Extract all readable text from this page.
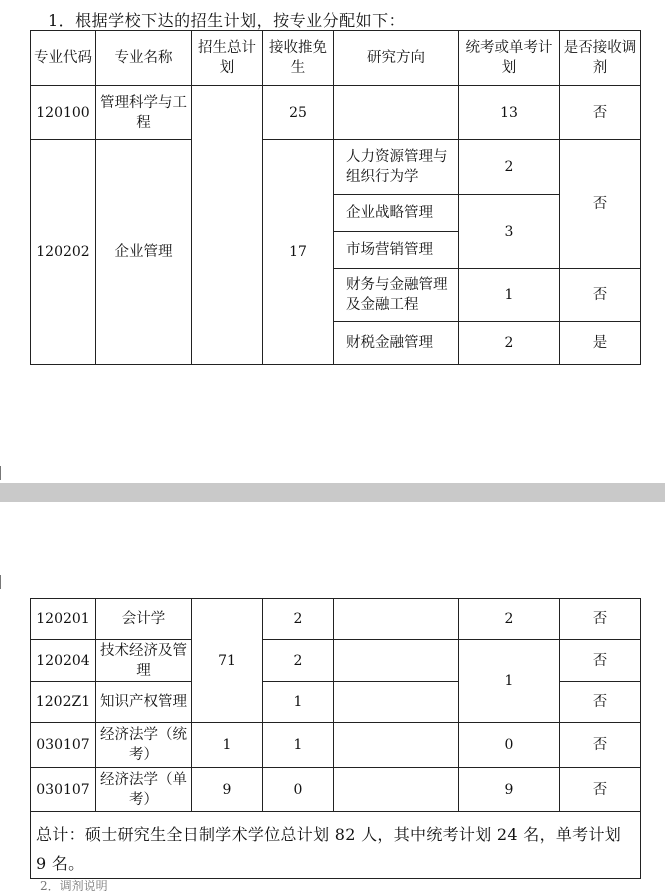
1．根据学校下达的招生计划，按专业分配如下：
专业代码	专业名称	招生总计划	接收推免生	研究方向	统考或单考计划	是否接收调剂
120100	管理科学与工程		25		13	否
120202	企业管理		17	人力资源管理与组织行为学	2	否
				企业战略管理	3	
				市场营销管理		
				财务与金融管理及金融工程	1	否
				财税金融管理	2	是
120201	会计学	71	2		2	否
120204	技术经济及管理		2		1	否
1202Z1	知识产权管理		1			否
030107	经济法学（统考）	1	1		0	否
030107	经济法学（单考）	9	0		9	否
总计：硕士研究生全日制学术学位总计划 82 人，其中统考计划 24 名，单考计划 9 名。						
2．调剂说明
